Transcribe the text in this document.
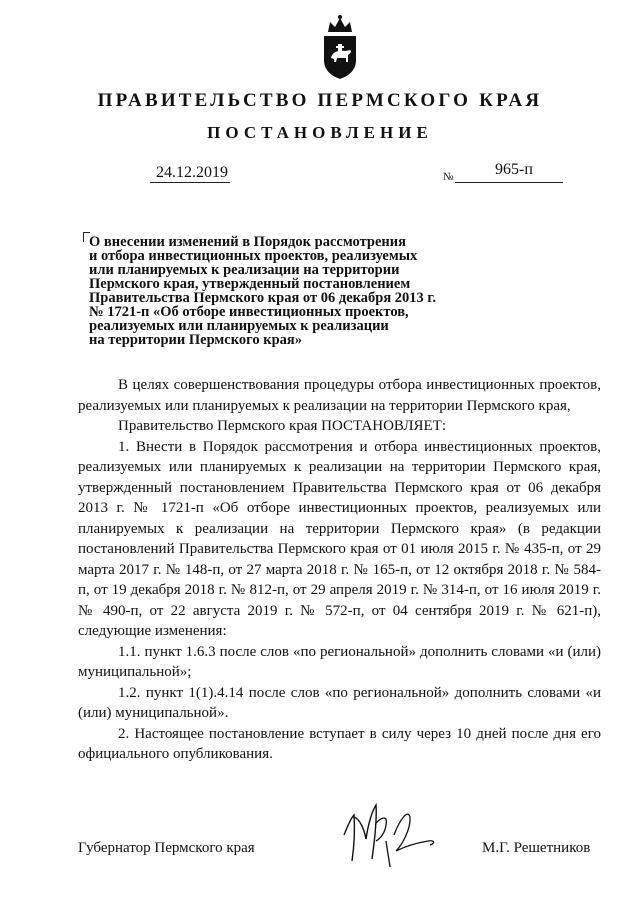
ПРАВИТЕЛЬСТВО ПЕРМСКОГО КРАЯ
ПОСТАНОВЛЕНИЕ
24.12.2019	№	965-п
О внесении изменений в Порядок рассмотрения
и отбора инвестиционных проектов, реализуемых
или планируемых к реализации на территории
Пермского края, утвержденный постановлением
Правительства Пермского края от 06 декабря 2013 г.
№ 1721-п «Об отборе инвестиционных проектов,
реализуемых или планируемых к реализации
на территории Пермского края»

В целях совершенствования процедуры отбора инвестиционных проектов, реализуемых или планируемых к реализации на территории Пермского края,

Правительство Пермского края ПОСТАНОВЛЯЕТ:

1. Внести в Порядок рассмотрения и отбора инвестиционных проектов, реализуемых или планируемых к реализации на территории Пермского края, утвержденный постановлением Правительства Пермского края от 06 декабря 2013 г. № 1721-п «Об отборе инвестиционных проектов, реализуемых или планируемых к реализации на территории Пермского края» (в редакции постановлений Правительства Пермского края от 01 июля 2015 г. № 435-п, от 29 марта 2017 г. № 148-п, от 27 марта 2018 г. № 165-п, от 12 октября 2018 г. № 584-п, от 19 декабря 2018 г. № 812-п, от 29 апреля 2019 г. № 314-п, от 16 июля 2019 г. № 490-п, от 22 августа 2019 г. № 572-п, от 04 сентября 2019 г. № 621-п), следующие изменения:

1.1. пункт 1.6.3 после слов «по региональной» дополнить словами «и (или) муниципальной»;

1.2. пункт 1(1).4.14 после слов «по региональной» дополнить словами «и (или) муниципальной».

2. Настоящее постановление вступает в силу через 10 дней после дня его официального опубликования.

Губернатор Пермского края	М.Г. Решетников
